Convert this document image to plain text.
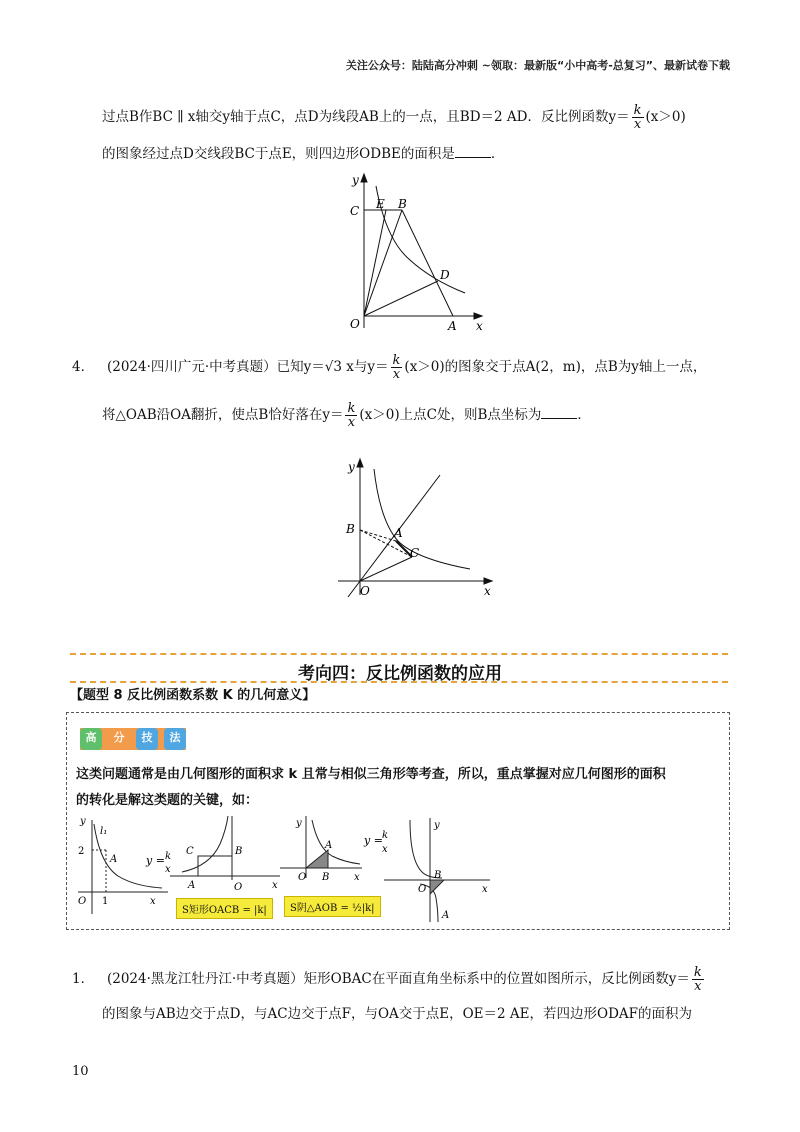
关注公众号：陆陆高分冲刺 ~领取：最新版“小中高考-总复习”、最新试卷下载
过点B作BC ∥ x轴交y轴于点C，点D为线段AB上的一点，且BD＝2 AD．反比例函数$y= \frac{k}{x} (x>0)$
的图象经过点D交线段BC于点E，则四边形ODBE的面积是	．
y
C E B
D
O	A x
4． (2024·四川广元·中考真题）已知y＝√3 x与$y= \frac{k}{x} (x>0)$的图象交于点A(2，m)，点B为y轴上一点，
将△OAB沿OA翻折，使点B恰好落在$y= \frac{k}{x} (x>0)$上点C处，则B点坐标为	．
y
B	A
C
O	x
考向四：反比例函数的应用
【题型 8 反比例函数系数 K 的几何意义】
高	分	技	法
这类问题通常是由几何图形的面积求 k 且常与相似三角形等考查，所以，重点掌握对应几何图形的面积
的转化是解这类题的关键，如：
y
l₁
2
A
O 1	x
y = k
x
C	B
A	O	x
y
A
O B x
y = k
x
y
B
O	x
A
S矩形OACB = |k|	S阴△AOB = ½|k|
1． (2024·黑龙江牡丹江·中考真题）矩形OBAC在平面直角坐标系中的位置如图所示，反比例函数$y= \frac{k}{x}$
的图象与AB边交于点D，与AC边交于点F，与OA交于点E，OE＝2 AE，若四边形ODAF的面积为
10
